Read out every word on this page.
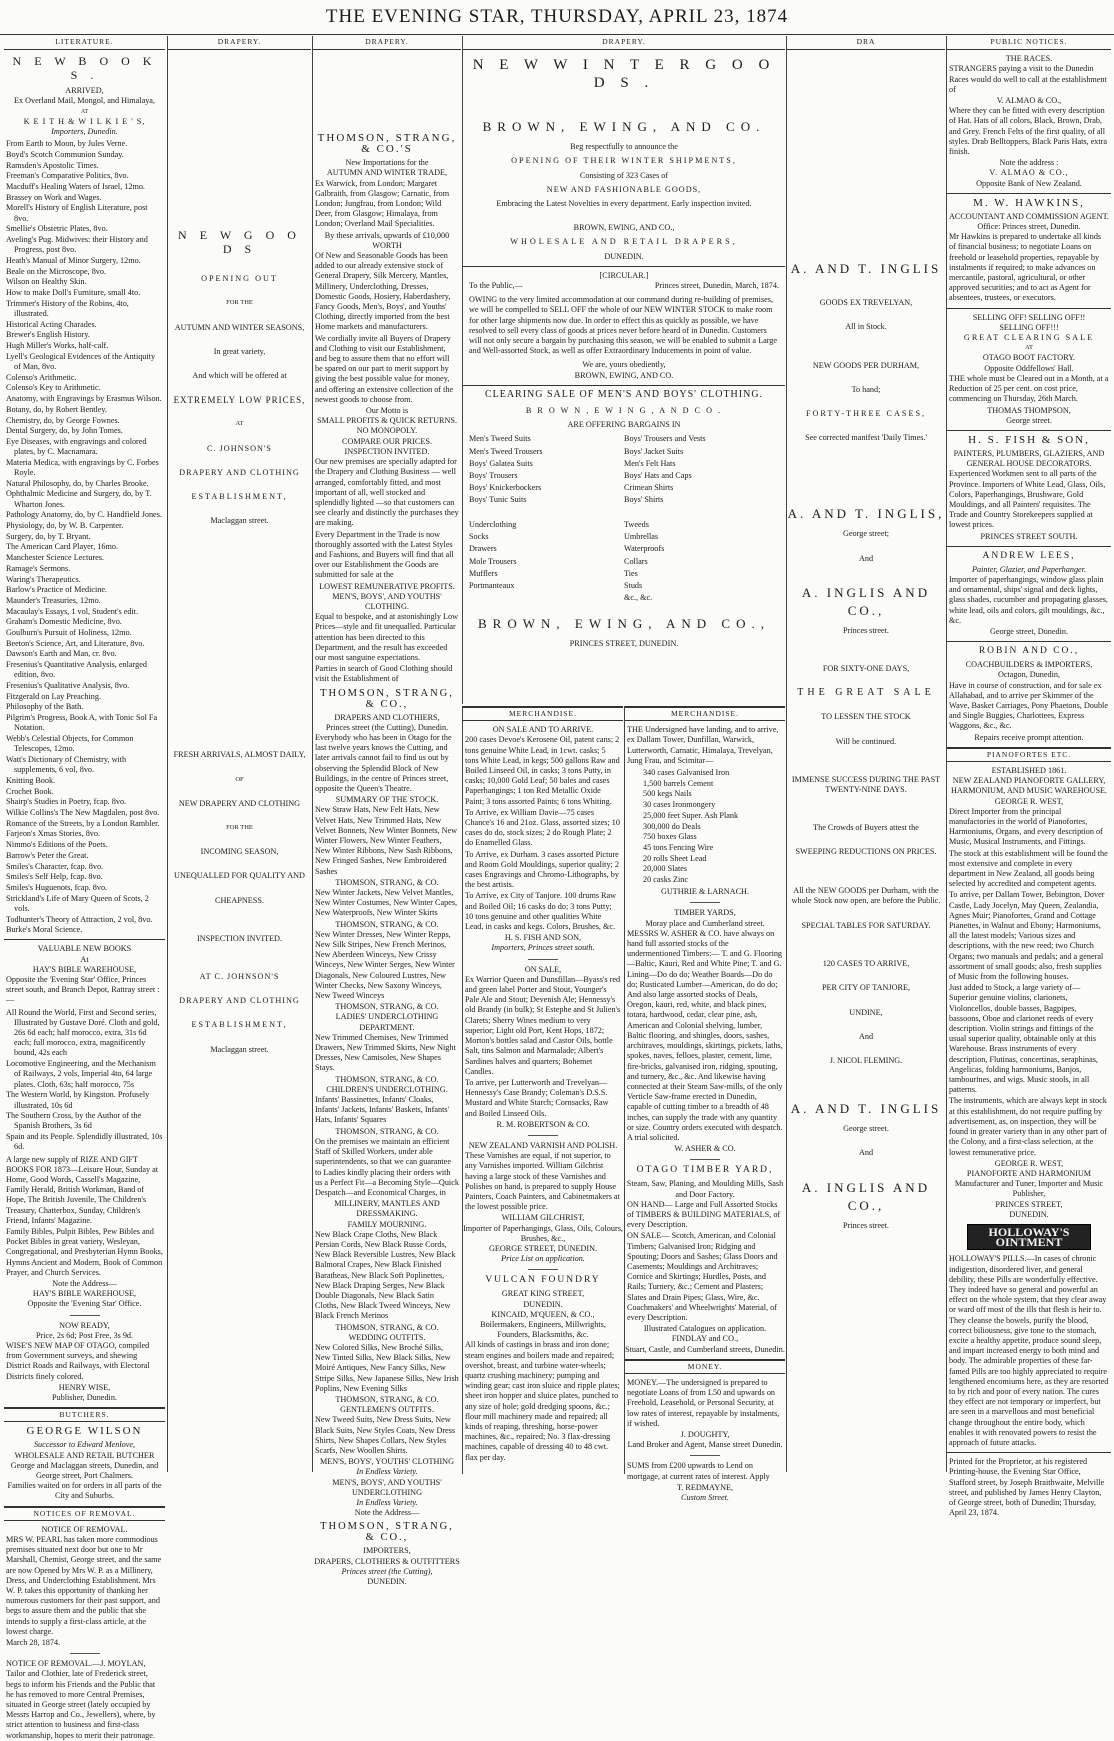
THE EVENING STAR, THURSDAY, APRIL 23, 1874
LITERATURE.
N E W B O O K S .
ARRIVED,
Ex Overland Mail, Mongol, and Himalaya,
AT
K E I T H & W I L K I E ' S,
Importers, Dunedin.
From Earth to Moon, by Jules Verne.
Boyd's Scotch Communion Sunday.
Ramsden's Apostolic Times.
Freeman's Comparative Politics, 8vo.
Macduff's Healing Waters of Israel, 12mo.
Brassey on Work and Wages.
Morell's History of English Literature, post 8vo.
Smellie's Obstetric Plates, 8vo.
Aveling's Pug. Midwives: their History and Progress, post 8vo.
Heath's Manual of Minor Surgery, 12mo.
Beale on the Microscope, 8vo.
Wilson on Healthy Skin.
How to make Doll's Furniture, small 4to.
Trimmer's History of the Robins, 4to, illustrated.
Historical Acting Charades.
Brewer's English History.
Hugh Miller's Works, half-calf.
Lyell's Geological Evidences of the Antiquity of Man, 8vo.
Colenso's Arithmetic.
Colenso's Key to Arithmetic.
Anatomy, with Engravings by Erasmus Wilson.
Botany, do, by Robert Bentley.
Chemistry, do, by George Fownes.
Dental Surgery, do, by John Tomes.
Eye Diseases, with engravings and colored plates, by C. Macnamara.
Materia Medica, with engravings by C. Forbes Royle.
Natural Philosophy, do, by Charles Brooke.
Ophthalmic Medicine and Surgery, do, by T. Wharton Jones.
Pathology Anatomy, do, by C. Handfield Jones.
Physiology, do, by W. B. Carpenter.
Surgery, do, by T. Bryant.
The American Card Player, 16mo.
Manchester Science Lectures.
Ramage's Sermons.
Waring's Therapeutics.
Barlow's Practice of Medicine.
Maunder's Treasuries, 12mo.
Macaulay's Essays, 1 vol, Student's edit.
Graham's Domestic Medicine, 8vo.
Goulburn's Pursuit of Holiness, 12mo.
Beeton's Science, Art, and Literature, 8vo.
Dawson's Earth and Man, cr. 8vo.
Fresenius's Quantitative Analysis, enlarged edition, 8vo.
Fresenius's Qualitative Analysis, 8vo.
Fitzgerald on Lay Preaching.
Philosophy of the Bath.
Pilgrim's Progress, Book A, with Tonic Sol Fa Notation.
Webb's Celestial Objects, for Common Telescopes, 12mo.
Watt's Dictionary of Chemistry, with supplements, 6 vol, 8vo.
Knitting Book.
Crochet Book.
Shairp's Studies in Poetry, fcap. 8vo.
Wilkie Collins's The New Magdalen, post 8vo.
Romance of the Streets, by a London Rambler.
Farjeon's Xmas Stories, 8vo.
Nimmo's Editions of the Poets.
Barrow's Peter the Great.
Smiles's Character, fcap. 8vo.
Smiles's Self Help, fcap. 8vo.
Smiles's Huguenots, fcap. 8vo.
Strickland's Life of Mary Queen of Scots, 2 vols.
Todhunter's Theory of Attraction, 2 vol, 8vo.
Burke's Moral Science.
VALUABLE NEW BOOKS
At
HAY'S BIBLE WAREHOUSE,
Opposite the 'Evening Star' Office, Princes street south, and Branch Depot, Rattray street :—
All Round the World, First and Second series, Illustrated by Gustave Doré. Cloth and gold, 26s 6d each; half morocco, extra, 31s 6d each; full morocco, extra, magnificently bound, 42s each
Locomotive Engineering, and the Mechanism of Railways, 2 vols, Imperial 4to, 64 large plates. Cloth, 63s; half morocco, 75s
The Western World, by Kingston. Profusely illustrated, 10s 6d
The Southern Cross, by the Author of the Spanish Brothers, 3s 6d
Spain and its People. Splendidly illustrated, 10s 6d.
A large new supply of RIZE AND GIFT BOOKS FOR 1873—Leisure Hour, Sunday at Home, Good Words, Cassell's Magazine, Family Herald, British Workman, Band of Hope, The British Juvenile, The Children's Treasury, Chatterbox, Sunday, Children's Friend, Infants' Magazine.
Family Bibles, Pulpit Bibles, Pew Bibles and Pocket Bibles in great variety, Wesleyan, Congregational, and Presbyterian Hymn Books, Hymns Ancient and Modern, Book of Common Prayer, and Church Services.
Note the Address—
HAY'S BIBLE WAREHOUSE,
Opposite the 'Evening Star' Office.
NOW READY,
Price, 2s 6d; Post Free, 3s 9d.
WISE'S NEW MAP OF OTAGO, compiled from Government surveys, and shewing District Roads and Railways, with Electoral Districts finely colored.
HENRY WISE,
Publisher, Dunedin.
BUTCHERS.
GEORGE WILSON
Successor to Edward Menlove,
WHOLESALE AND RETAIL BUTCHER
George and Maclaggan streets, Dunedin, and George street, Port Chalmers.
Families waited on for orders in all parts of the City and Suburbs.
NOTICES OF REMOVAL.
NOTICE OF REMOVAL.
MRS W. PEARL has taken more commodious premises situated next door but one to Mr Marshall, Chemist, George street, and the same are now Opened by Mrs W. P. as a Millinery, Dress, and Underclothing Establishment. Mrs W. P. takes this opportunity of thanking her numerous customers for their past support, and begs to assure them and the public that she intends to supply a first-class article, at the lowest charge.
March 28, 1874.
NOTICE OF REMOVAL.—J. MOYLAN, Tailor and Clothier, late of Frederick street, begs to inform his Friends and the Public that he has removed to more Central Premises, situated in George street (lately occupied by Messrs Harrop and Co., Jewellers), where, by strict attention to business and first-class workmanship, hopes to merit their patronage.
DRAPERY.
N E W G O O D S
OPENING OUT
FOR THE
AUTUMN AND WINTER SEASONS,
In great variety,
And which will be offered at
EXTREMELY LOW PRICES,
AT
C. JOHNSON'S
DRAPERY AND CLOTHING
ESTABLISHMENT,
Maclaggan street.
FRESH ARRIVALS, ALMOST DAILY,
OF
NEW DRAPERY AND CLOTHING
FOR THE
INCOMING SEASON,
UNEQUALLED FOR QUALITY AND
CHEAPNESS.
INSPECTION INVITED.
AT C. JOHNSON'S
DRAPERY AND CLOTHING
ESTABLISHMENT,
Maclaggan street.
DRAPERY.
THOMSON, STRANG, & CO.'S
New Importations for the
AUTUMN AND WINTER TRADE,
Ex Warwick, from London; Margaret Galbraith, from Glasgow; Carnatic, from London; Jungfrau, from London; Wild Deer, from Glasgow; Himalaya, from London; Overland Mail Specialities.
By these arrivals, upwards of £10,000 WORTH
Of New and Seasonable Goods has been added to our already extensive stock of General Drapery, Silk Mercery, Mantles, Millinery, Underclothing, Dresses, Domestic Goods, Hosiery, Haberdashery, Fancy Goods, Men's, Boys', and Youths' Clothing, directly imported from the best Home markets and manufacturers.
We cordially invite all Buyers of Drapery and Clothing to visit our Establishment, and beg to assure them that no effort will be spared on our part to merit support by giving the best possible value for money, and offering an extensive collection of the newest goods to choose from.
Our Motto is
SMALL PROFITS & QUICK RETURNS.
NO MONOPOLY.
COMPARE OUR PRICES.
INSPECTION INVITED.
Our new premises are specially adapted for the Drapery and Clothing Business — well arranged, comfortably fitted, and most important of all, well stocked and splendidly lighted —so that customers can see clearly and distinctly the purchases they are making.
Every Department in the Trade is now thoroughly assorted with the Latest Styles and Fashions, and Buyers will find that all over our Establishment the Goods are submitted for sale at the
LOWEST REMUNERATIVE PROFITS.
MEN'S, BOYS', AND YOUTHS' CLOTHING.
Equal to bespoke, and at astonishingly Low Prices—style and fit unequalled. Particular attention has been directed to this Department, and the result has exceeded our most sanguine expectations.
Parties in search of Good Clothing should visit the Establishment of
THOMSON, STRANG, & CO.,
DRAPERS AND CLOTHIERS,
Princes street (the Cutting), Dunedin.
Everybody who has been in Otago for the last twelve years knows the Cutting, and later arrivals cannot fail to find us out by observing the Splendid Block of New Buildings, in the centre of Princes street, opposite the Queen's Theatre.
SUMMARY OF THE STOCK.
New Straw Hats, New Felt Hats, New Velvet Hats, New Trimmed Hats, New Velvet Bonnets, New Winter Bonnets, New Winter Flowers, New Winter Feathers, New Winter Ribbons, New Sash Ribbons, New Fringed Sashes, New Embroidered Sashes
THOMSON, STRANG, & CO.
New Winter Jackets, New Velvet Mantles, New Winter Costumes, New Winter Capes, New Waterproofs, New Winter Skirts
THOMSON, STRANG, & CO.
New Winter Dresses, New Winter Repps, New Silk Stripes, New French Merinos, New Aberdeen Winceys, New Crissy Winceys, New Winter Serges, New Winter Diagonals, New Coloured Lustres, New Winter Checks, New Saxony Winceys, New Tweed Winceys
THOMSON, STRANG, & CO.
LADIES' UNDERCLOTHING DEPARTMENT.
New Trimmed Chemises, New Trimmed Drawers, New Trimmed Skirts, New Night Dresses, New Camisoles, New Shapes Stays.
THOMSON, STRANG, & CO.
CHILDREN'S UNDERCLOTHING.
Infants' Bassinettes, Infants' Cloaks, Infants' Jackets, Infants' Baskets, Infants' Hats, Infants' Squares
THOMSON, STRANG, & CO.
On the premises we maintain an efficient Staff of Skilled Workers, under able superintendents, so that we can guarantee to Ladies kindly placing their orders with us a Perfect Fit—a Becoming Style—Quick Despatch—and Economical Charges, in
MILLINERY, MANTLES AND DRESSMAKING.
FAMILY MOURNING.
New Black Crape Cloths, New Black Persian Cords, New Black Russe Cords, New Black Reversible Lustres, New Black Balmoral Crapes, New Black Finished Baratheas, New Black Soft Poplinettes, New Black Draping Serges, New Black Double Diagonals, New Black Satin Cloths, New Black Tweed Winceys, New Black French Merinos
THOMSON, STRANG, & CO.
WEDDING OUTFITS.
New Colored Silks, New Broché Silks, New Tinted Silks, New Black Silks, New Moiré Antiques, New Fancy Silks, New Stripe Silks, New Japanese Silks, New Irish Poplins, New Evening Silks
THOMSON, STRANG, & CO.
GENTLEMEN'S OUTFITS.
New Tweed Suits, New Dress Suits, New Black Suits, New Styles Coats, New Dress Shirts, New Shapes Collars, New Styles Scarfs, New Woollen Shirts.
MEN'S, BOYS', YOUTHS' CLOTHING
In Endless Variety.
MEN'S, BOYS', AND YOUTHS' UNDERCLOTHING
In Endless Variety.
Note the Address—
THOMSON, STRANG, & CO.,
IMPORTERS,
DRAPERS, CLOTHIERS & OUTFITTERS
Princes street (the Cutting),
DUNEDIN.
DRAPERY.
N E W W I N T E R G O O D S .
BROWN, EWING, AND CO.
Beg respectfully to announce the
OPENING OF THEIR WINTER SHIPMENTS,
Consisting of 323 Cases of
NEW AND FASHIONABLE GOODS,
Embracing the Latest Novelties in every department. Early inspection invited.
BROWN, EWING, AND CO.,
WHOLESALE AND RETAIL DRAPERS,
DUNEDIN.
[CIRCULAR.]
To the Public,—	Princes street, Dunedin, March, 1874.
OWING to the very limited accommodation at our command during re-building of premises, we will be compelled to SELL OFF the whole of our NEW WINTER STOCK to make room for other large shipments now due. In order to effect this as quickly as possible, we have resolved to sell every class of goods at prices never before heard of in Dunedin. Customers will not only secure a bargain by purchasing this season, we will be enabled to submit a Large and Well-assorted Stock, as well as offer Extraordinary Inducements in point of value.
We are, yours obediently,
BROWN, EWING, AND CO.
CLEARING SALE OF MEN'S AND BOYS' CLOTHING.
B R O W N , E W I N G , A N D C O .
ARE OFFERING BARGAINS IN
Men's Tweed Suits
Men's Tweed Trousers
Boys' Galatea Suits
Boys' Trousers
Boys' Knickerbockers
Boys' Tunic Suits

Underclothing
Socks
Drawers
Mole Trousers
Mufflers
Portmanteaux
Boys' Trousers and Vests
Boys' Jacket Suits
Men's Felt Hats
Boys' Hats and Caps
Crimean Shirts
Boys' Shirts

Tweeds
Umbrellas
Waterproofs
Collars
Ties
Studs
&c., &c.
BROWN, EWING, AND CO.,
PRINCES STREET, DUNEDIN.
MERCHANDISE.
ON SALE AND TO ARRIVE.
200 cases Devoe's Kerosene Oil, patent cans; 2 tons genuine White Lead, in 1cwt. casks; 5 tons White Lead, in kegs; 500 gallons Raw and Boiled Linseed Oil, in casks; 3 tons Putty, in casks; 10,000 Gold Leaf; 50 bales and cases Paperhangings; 1 ton Red Metallic Oxide Paint; 3 tons assorted Paints; 6 tons Whiting.
To Arrive, ex William Davie—75 cases Chance's 16 and 21oz. Glass, assorted sizes; 10 cases do do, stock sizes; 2 do Rough Plate; 2 do Enamelled Glass.
To Arrive, ex Durham. 3 cases assorted Picture and Room Gold Mouldings, superior quality; 2 cases Engravings and Chromo-Lithographs, by the best artists.
To Arrive, ex City of Tanjore. 100 drums Raw and Boiled Oil; 16 casks do do; 3 tons Putty; 10 tons genuine and other qualities White Lead, in casks and kegs. Colors, Brushes, &c.
H. S. FISH AND SON,
Importers, Princes street south.
ON SALE,
Ex Warrior Queen and Dunsfillan—Byass's red and green label Porter and Stout, Younger's Pale Ale and Stout; Devenish Ale; Hennessy's old Brandy (in bulk); St Estephe and St Julien's Clarets; Sherry Wines medium to very superior; Light old Port, Kent Hops, 1872; Morton's bottles salad and Castor Oils, bottle Salt, tins Salmon and Marmalade; Albert's Sardines halves and quarters; Bohemet Candles.
To arrive, per Lutterworth and Trevelyan—Hennessy's Case Brandy; Coleman's D.S.S. Mustard and White Starch; Cornsacks, Raw and Boiled Linseed Oils.
R. M. ROBERTSON & CO.
NEW ZEALAND VARNISH AND POLISH.
These Varnishes are equal, if not superior, to any Varnishes imported. William Gilchrist having a large stock of these Varnishes and Polishes on hand, is prepared to supply House Painters, Coach Painters, and Cabinetmakers at the lowest possible price.
WILLIAM GILCHRIST,
Importer of Paperhangings, Glass, Oils, Colours, Brushes, &c.,
GEORGE STREET, DUNEDIN.
Price List on application.
VULCAN FOUNDRY
GREAT KING STREET,
DUNEDIN.
KINCAID, M'QUEEN, & CO.,
Boilermakers, Engineers, Millwrights, Founders, Blacksmiths, &c.
All kinds of castings in brass and iron done; steam engines and boilers made and repaired; overshot, breast, and turbine water-wheels; quartz crushing machinery; pumping and winding gear; cast iron sluice and ripple plates; sheet iron hopper and sluice plates, punched to any size of hole; gold dredging spoons, &c.; flour mill machinery made and repaired; all kinds of reaping, threshing, horse-power machines, &c., repaired; No. 3 flax-dressing machines, capable of dressing 40 to 48 cwt. flax per day.
MERCHANDISE.
THE Undersigned have landing, and to arrive, ex Dallam Tower, Dunfillan, Warwick, Lutterworth, Carnatic, Himalaya, Trevelyan, Jung Frau, and Scimitar—
340 cases Galvanised Iron
1,500 barrels Cement
500 kegs Nails
30 cases Ironmongery
25,000 feet Super. Ash Plank
300,000 do Deals
750 boxes Glass
45 tons Fencing Wire
20 rolls Sheet Lead
20,000 Slates
20 casks Zinc
GUTHRIE & LARNACH.
TIMBER YARDS,
Moray place and Cumberland street.
MESSRS W. ASHER & CO. have always on hand full assorted stocks of the undermentioned Timbers:— T. and G. Flooring—Baltic, Kauri, Red and White Pine; T. and G. Lining—Do do do; Weather Boards—Do do do; Rusticated Lumber—American, do do do; And also large assorted stocks of Deals, Oregon, kauri, red, white, and black pines, totara, hardwood, cedar, clear pine, ash, American and Colonial shelving, lumber, Baltic flooring, and shingles, doors, sashes, architraves, mouldings, skirtings, pickets, laths, spokes, naves, felloes, plaster, cement, lime, fire-bricks, galvanised iron, ridging, spouting, and turnery, &c., &c. And likewise having connected at their Steam Saw-mills, of the only Verticle Saw-frame erected in Dunedin, capable of cutting timber to a breadth of 48 inches, can supply the trade with any quantity or size. Country orders executed with despatch. A trial solicited.
W. ASHER & CO.
OTAGO TIMBER YARD,
Steam, Saw, Planing, and Moulding Mills, Sash and Door Factory.
ON HAND— Large and Full Assorted Stocks of TIMBERS & BUILDING MATERIALS, of every Description.
ON SALE— Scotch, American, and Colonial Timbers; Galvanised Iron; Ridging and Spouting; Doors and Sashes; Glass Doors and Casements; Mouldings and Architraves; Cornice and Skirtings; Hurdles, Posts, and Rails; Turnery, &c.; Cement and Plasters; Slates and Drain Pipes; Glass, Wire, &c. Coachmakers' and Wheelwrights' Material, of every Description.
Illustrated Catalogues on application.
FINDLAY and CO.,
Stuart, Castle, and Cumberland streets, Dunedin.
MONEY.
MONEY.—The undersigned is prepared to negotiate Loans of from L50 and upwards on Freehold, Leasehold, or Personal Security, at low rates of interest, repayable by instalments, if wished.
J. DOUGHTY,
Land Broker and Agent, Manse street Dunedin.
SUMS from £200 upwards to Lend on mortgage, at current rates of interest. Apply
T. REDMAYNE,
Custom Street.
DRA
A. AND T. INGLIS
GOODS EX TREVELYAN,
All in Stock.
NEW GOODS PER DURHAM,
To hand;
FORTY-THREE CASES,
See corrected manifest 'Daily Times.'
A. AND T. INGLIS,
George street;
And
A. INGLIS AND CO.,
Princes street.
FOR SIXTY-ONE DAYS,
THE GREAT SALE
TO LESSEN THE STOCK
Will be continued.
IMMENSE SUCCESS DURING THE PAST TWENTY-NINE DAYS.
The Crowds of Buyers attest the
SWEEPING REDUCTIONS ON PRICES.
All the NEW GOODS per Durham, with the whole Stock now open, are before the Public.
SPECIAL TABLES FOR SATURDAY.
120 CASES TO ARRIVE,
PER CITY OF TANJORE,
UNDINE,
And
J. NICOL FLEMING.
A. AND T. INGLIS
George street.
And
A. INGLIS AND CO.,
Princes street.
PUBLIC NOTICES.
THE RACES.
STRANGERS paying a visit to the Dunedin Races would do well to call at the establishment of
V. ALMAO & CO.,
Where they can be fitted with every description of Hat. Hats of all colors, Black, Brown, Drab, and Grey. French Felts of the first quality, of all styles. Drab Belltoppers, Black Paris Hats, extra finish.
Note the address :
V. ALMAO & CO.,
Opposite Bank of New Zealand.
M. W. HAWKINS,
ACCOUNTANT AND COMMISSION AGENT.
Office: Princes street, Dunedin.
Mr Hawkins is prepared to undertake all kinds of financial business; to negotiate Loans on freehold or leasehold properties, repayable by instalments if required; to make advances on mercantile, pastoral, agricultural, or other approved securities; and to act as Agent for absentees, trustees, or executors.
SELLING OFF! SELLING OFF!!
SELLING OFF!!!
GREAT CLEARING SALE
AT
OTAGO BOOT FACTORY.
Opposite Oddfellows' Hall.
THE whole must be Cleared out in a Month, at a Reduction of 25 per cent. on cost price, commencing on Thursday, 26th March.
THOMAS THOMPSON,
George street.
H. S. FISH & SON,
PAINTERS, PLUMBERS, GLAZIERS, AND GENERAL HOUSE DECORATORS.
Experienced Workmen sent to all parts of the Province. Importers of White Lead, Glass, Oils, Colors, Paperhangings, Brushware, Gold Mouldings, and all Painters' requisites. The Trade and Country Storekeepers supplied at lowest prices.
PRINCES STREET SOUTH.
ANDREW LEES,
Painter, Glazier, and Paperhanger.
Importer of paperhangings, window glass plain and ornamental, ships' signal and deck lights, glass shades, cucumber and propagating glasses, white lead, oils and colors, gilt mouldings, &c., &c.
George street, Dunedin.
ROBIN AND CO.,
COACHBUILDERS & IMPORTERS,
Octagon, Dunedin,
Have in course of construction, and for sale ex Allahabad, and to arrive per Skimmer of the Wave, Basket Carriages, Pony Phaetons, Double and Single Buggies, Charlottees, Express Waggons, &c., &c.
Repairs receive prompt attention.
PIANOFORTES ETC.
ESTABLISHED 1861.
NEW ZEALAND PIANOFORTE GALLERY, HARMONIUM, AND MUSIC WAREHOUSE.
GEORGE R. WEST,
Direct Importer from the principal manufactories in the world of Pianofortes, Harmoniums, Organs, and every description of Music, Musical Instruments, and Fittings.
The stock at this establishment will be found the most extensive and complete in every department in New Zealand, all goods being selected by accredited and competent agents.
To arrive, per Dallam Tower, Bebington, Dover Castle, Lady Jocelyn, May Queen, Zealandia, Agnes Muir; Pianofortes, Grand and Cottage Pianettes, in Walnut and Ebony; Harmoniums, all the latest models; Various sizes and descriptions, with the new reed; two Church Organs; two manuals and pedals; and a general assortment of small goods; also, fresh supplies of Music from the following houses.
Just added to Stock, a large variety of— Superior genuine violins, clarionets, Violoncellos, double basses, Bagpipes, bassoons, Oboe and clarionet reeds of every description. Violin strings and fittings of the usual superior quality, obtainable only at this Warehouse. Brass instruments of every description, Flutinas, concertinas, seraphinas, Angelicas, folding harmoniums, Banjos, tambourines, and wigs. Music stools, in all patterns.
The instruments, which are always kept in stock at this establishment, do not require puffing by advertisement, as, on inspection, they will be found in greater variety than in any other part of the Colony, and a first-class selection, at the lowest remunerative price.
GEORGE R. WEST,
PIANOFORTE AND HARMONIUM Manufacturer and Tuner, Importer and Music Publisher,
PRINCES STREET,
DUNEDIN.
HOLLOWAY'S OINTMENT
HOLLOWAY'S PILLS.—In cases of chronic indigestion, disordered liver, and general debility, these Pills are wonderfully effective. They indeed have so general and powerful an effect on the whole system, that they clear away or ward off most of the ills that flesh is heir to. They cleanse the bowels, purify the blood, correct biliousness, give tone to the stomach, excite a healthy appetite, produce sound sleep, and impart increased energy to both mind and body. The admirable properties of these far-famed Pills are too highly appreciated to require lengthened encomiums here, as they are resorted to by rich and poor of every nation. The cures they effect are not temporary or imperfect, but are seen in a marvellous and most beneficial change throughout the entire body, which enables it with renovated powers to resist the approach of future attacks.
Printed for the Proprietor, at his registered Printing-house, the Evening Star Office, Stafford street, by Joseph Braithwaite, Melville street, and published by James Henry Clayton, of George street, both of Dunedin; Thursday, April 23, 1874.
